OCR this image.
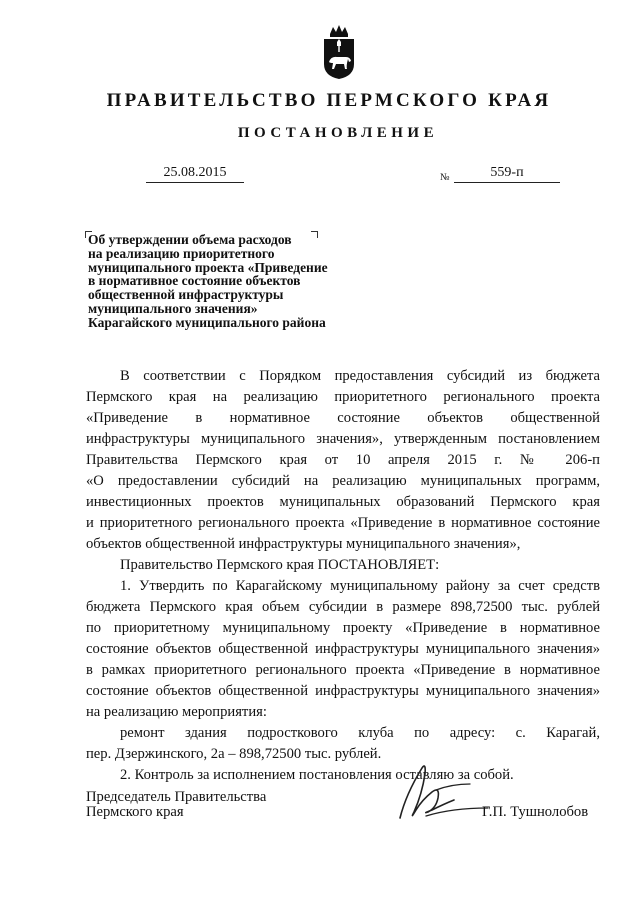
ПРАВИТЕЛЬСТВО ПЕРМСКОГО КРАЯ
ПОСТАНОВЛЕНИЕ
25.08.2015	№	559-п
Об утверждении объема расходов
на реализацию приоритетного
муниципального проекта «Приведение
в нормативное состояние объектов
общественной инфраструктуры
муниципального значения»
Карагайского муниципального района
В соответствии с Порядком предоставления субсидий из бюджета
Пермского края на реализацию приоритетного регионального проекта
«Приведение в нормативное состояние объектов общественной
инфраструктуры муниципального значения», утвержденным постановлением
Правительства Пермского края от 10 апреля 2015 г. № 206-п
«О предоставлении субсидий на реализацию муниципальных программ,
инвестиционных проектов муниципальных образований Пермского края
и приоритетного регионального проекта «Приведение в нормативное состояние
объектов общественной инфраструктуры муниципального значения»,
Правительство Пермского края ПОСТАНОВЛЯЕТ:
1. Утвердить по Карагайскому муниципальному району за счет средств
бюджета Пермского края объем субсидии в размере 898,72500 тыс. рублей
по приоритетному муниципальному проекту «Приведение в нормативное
состояние объектов общественной инфраструктуры муниципального значения»
в рамках приоритетного регионального проекта «Приведение в нормативное
состояние объектов общественной инфраструктуры муниципального значения»
на реализацию мероприятия:
ремонт здания подросткового клуба по адресу: с. Карагай,
пер. Дзержинского, 2а – 898,72500 тыс. рублей.
2. Контроль за исполнением постановления оставляю за собой.
Председатель Правительства
Пермского края	Г.П. Тушнолобов
